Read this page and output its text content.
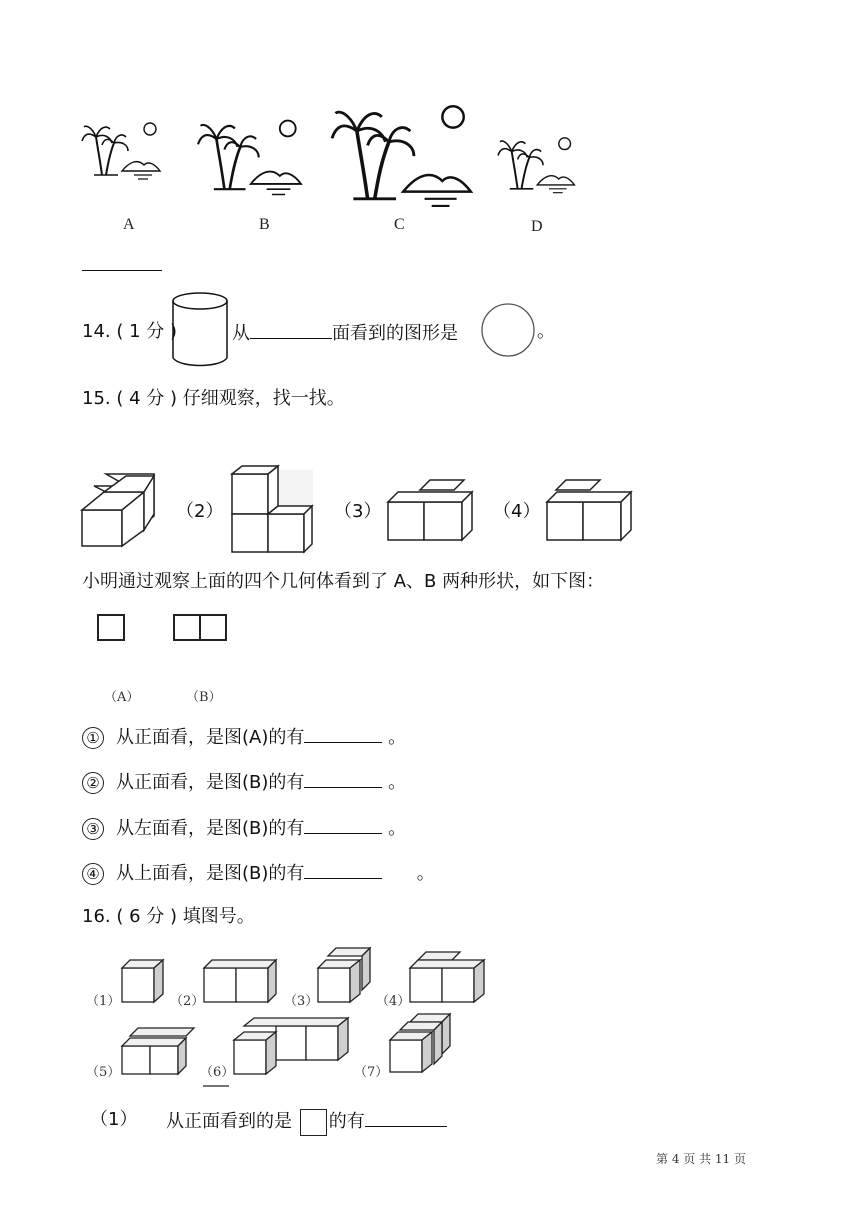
A	B	C	D
14. ( 1 分 )	从	面看到的图形是	。
15. ( 4 分 ) 仔细观察，找一找。
（2）	（3）	（4）
小明通过观察上面的四个几何体看到了 A、B 两种形状，如下图：
（A）	（B）
① 从正面看，是图(A)的有	。
② 从正面看，是图(B)的有	。
③ 从左面看，是图(B)的有	。
④ 从上面看，是图(B)的有	。
16. ( 6 分 ) 填图号。
（1）	（2）	（3）	（4）
（5）	（6）	（7）
（1） 从正面看到的是 的有
第 4 页 共 11 页
